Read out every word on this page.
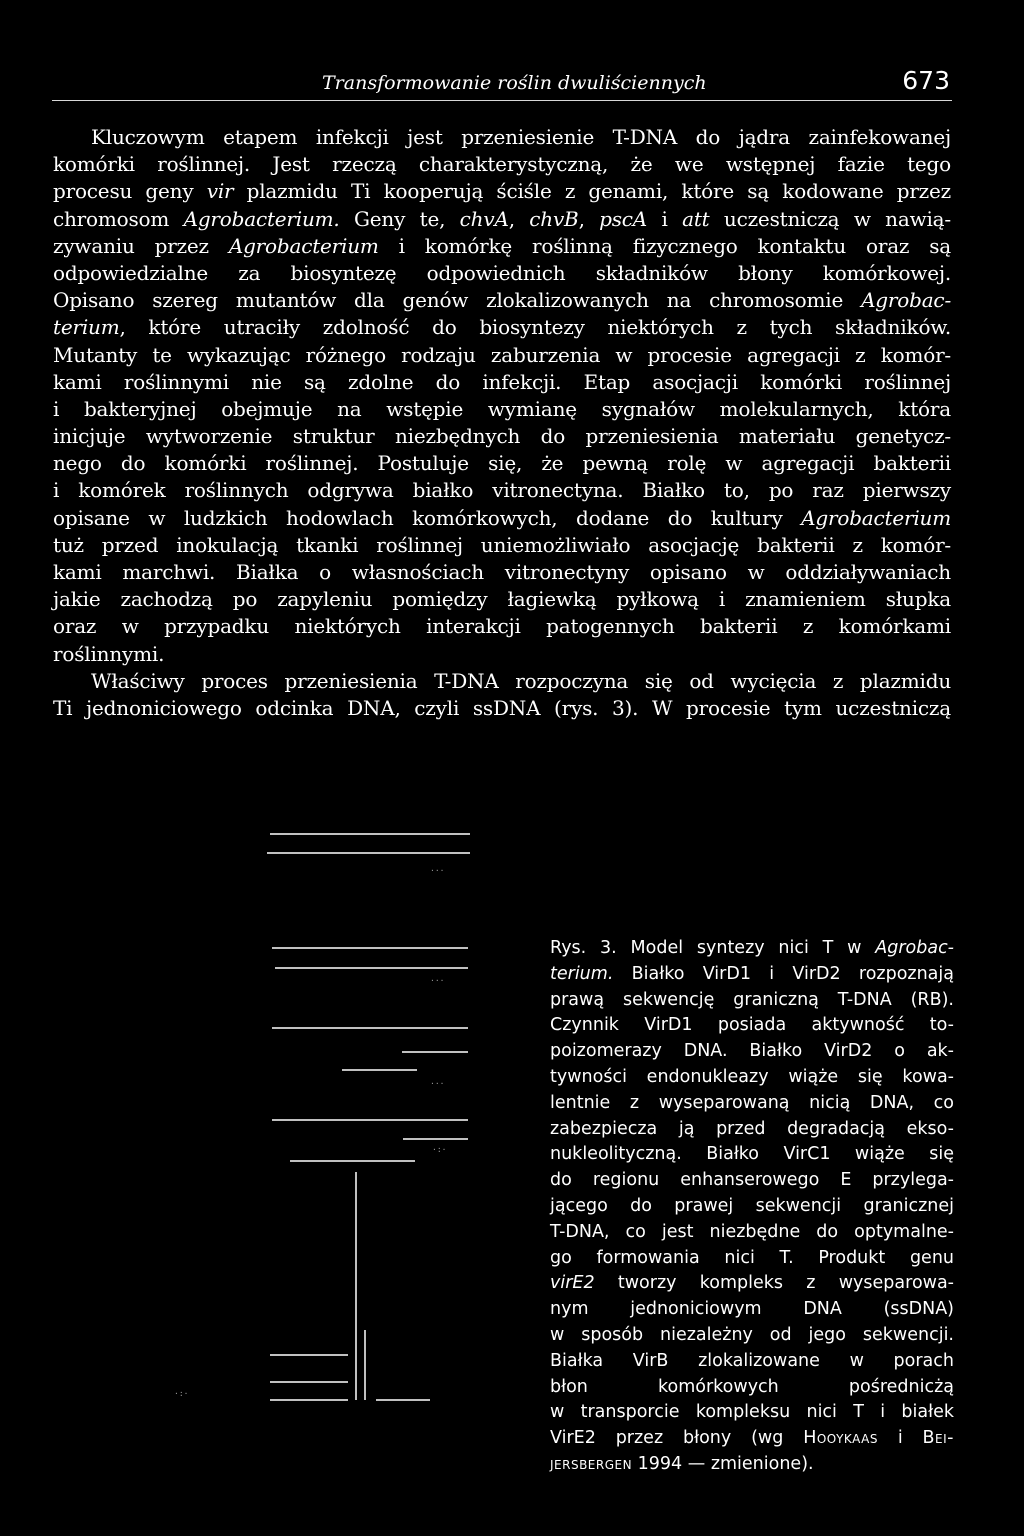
Transformowanie roślin dwuliściennych	673
Kluczowym etapem infekcji jest przeniesienie T-DNA do jądra zainfekowanej
komórki roślinnej. Jest rzeczą charakterystyczną, że we wstępnej fazie tego
procesu geny vir plazmidu Ti kooperują ściśle z genami, które są kodowane przez
chromosom Agrobacterium. Geny te, chvA, chvB, pscA i att uczestniczą w nawią-
zywaniu przez Agrobacterium i komórkę roślinną fizycznego kontaktu oraz są
odpowiedzialne za biosyntezę odpowiednich składników błony komórkowej.
Opisano szereg mutantów dla genów zlokalizowanych na chromosomie Agrobac-
terium, które utraciły zdolność do biosyntezy niektórych z tych składników.
Mutanty te wykazując różnego rodzaju zaburzenia w procesie agregacji z komór-
kami roślinnymi nie są zdolne do infekcji. Etap asocjacji komórki roślinnej
i bakteryjnej obejmuje na wstępie wymianę sygnałów molekularnych, która
inicjuje wytworzenie struktur niezbędnych do przeniesienia materiału genetycz-
nego do komórki roślinnej. Postuluje się, że pewną rolę w agregacji bakterii
i komórek roślinnych odgrywa białko vitronectyna. Białko to, po raz pierwszy
opisane w ludzkich hodowlach komórkowych, dodane do kultury Agrobacterium
tuż przed inokulacją tkanki roślinnej uniemożliwiało asocjację bakterii z komór-
kami marchwi. Białka o własnościach vitronectyny opisano w oddziaływaniach
jakie zachodzą po zapyleniu pomiędzy łagiewką pyłkową i znamieniem słupka
oraz w przypadku niektórych interakcji patogennych bakterii z komórkami
roślinnymi.
Właściwy proces przeniesienia T-DNA rozpoczyna się od wycięcia z plazmidu
Ti jednoniciowego odcinka DNA, czyli ssDNA (rys. 3). W procesie tym uczestniczą
···
···
···
·:·
·:·
Rys. 3. Model syntezy nici T w Agrobac-
terium. Białko VirD1 i VirD2 rozpoznają
prawą sekwencję graniczną T-DNA (RB).
Czynnik VirD1 posiada aktywność to-
poizomerazy DNA. Białko VirD2 o ak-
tywności endonukleazy wiąże się kowa-
lentnie z wyseparowaną nicią DNA, co
zabezpiecza ją przed degradacją ekso-
nukleolityczną. Białko VirC1 wiąże się
do regionu enhanserowego E przylega-
jącego do prawej sekwencji granicznej
T-DNA, co jest niezbędne do optymalne-
go formowania nici T. Produkt genu
virE2 tworzy kompleks z wyseparowa-
nym jednoniciowym DNA (ssDNA)
w sposób niezależny od jego sekwencji.
Białka VirB zlokalizowane w porach
błon komórkowych pośrednicżą
w transporcie kompleksu nici T i białek
VirE2 przez błony (wg Hooykaas i Bei-
jersbergen 1994 — zmienione).
